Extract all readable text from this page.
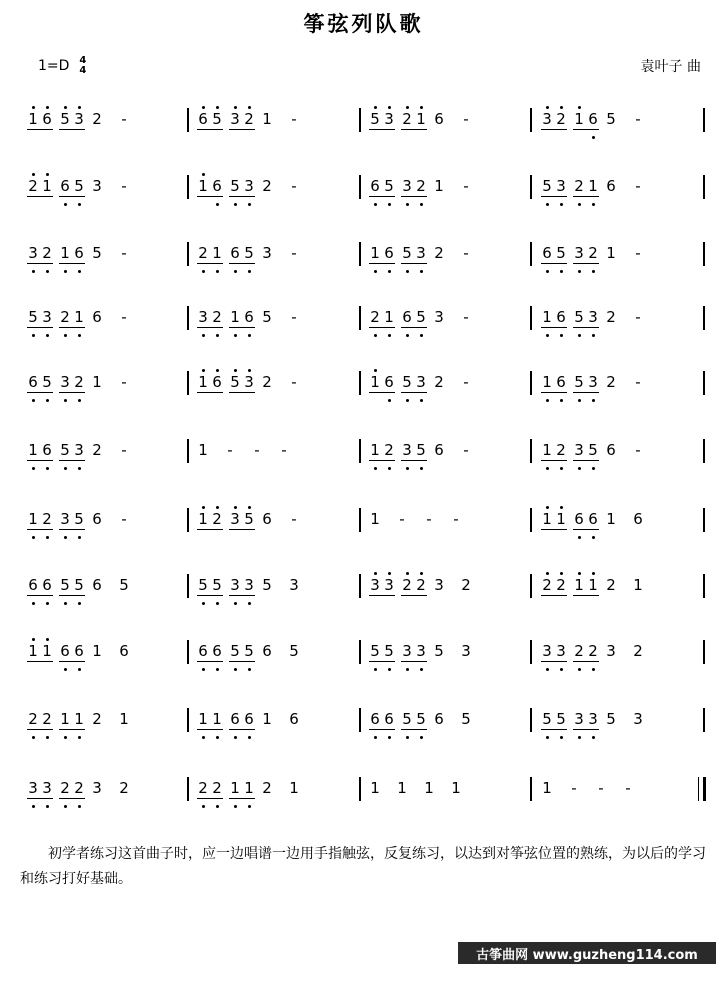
筝弦列队歌
1=D 4
4	袁叶子 曲
1 6 5 3 2 -	6 5 3 2 1 -	5 3 2 1 6 -	3 2 1 6 5 -
2 1 6 5 3 -	1 6 5 3 2 -	6 5 3 2 1 -	5 3 2 1 6 -
3 2 1 6 5 -	2 1 6 5 3 -	1 6 5 3 2 -	6 5 3 2 1 -
5 3 2 1 6 -	3 2 1 6 5 -	2 1 6 5 3 -	1 6 5 3 2 -
6 5 3 2 1 -	1 6 5 3 2 -	1 6 5 3 2 -	1 6 5 3 2 -
1 6 5 3 2 -	1 - - -	1 2 3 5 6 -	1 2 3 5 6 -
1 2 3 5 6 -	1 2 3 5 6 -	1 - - -	1 1 6 6 1 6
6 6 5 5 6 5	5 5 3 3 5 3	3 3 2 2 3 2	2 2 1 1 2 1
1 1 6 6 1 6	6 6 5 5 6 5	5 5 3 3 5 3	3 3 2 2 3 2
2 2 1 1 2 1	1 1 6 6 1 6	6 6 5 5 6 5	5 5 3 3 5 3
3 3 2 2 3 2	2 2 1 1 2 1	1 1 1 1	1 - - -
初学者练习这首曲子时，应一边唱谱一边用手指触弦，反复练习，以达到对筝弦位置的熟练，为以后的学习和练习打好基础。
古筝曲网 www.guzheng114.com
